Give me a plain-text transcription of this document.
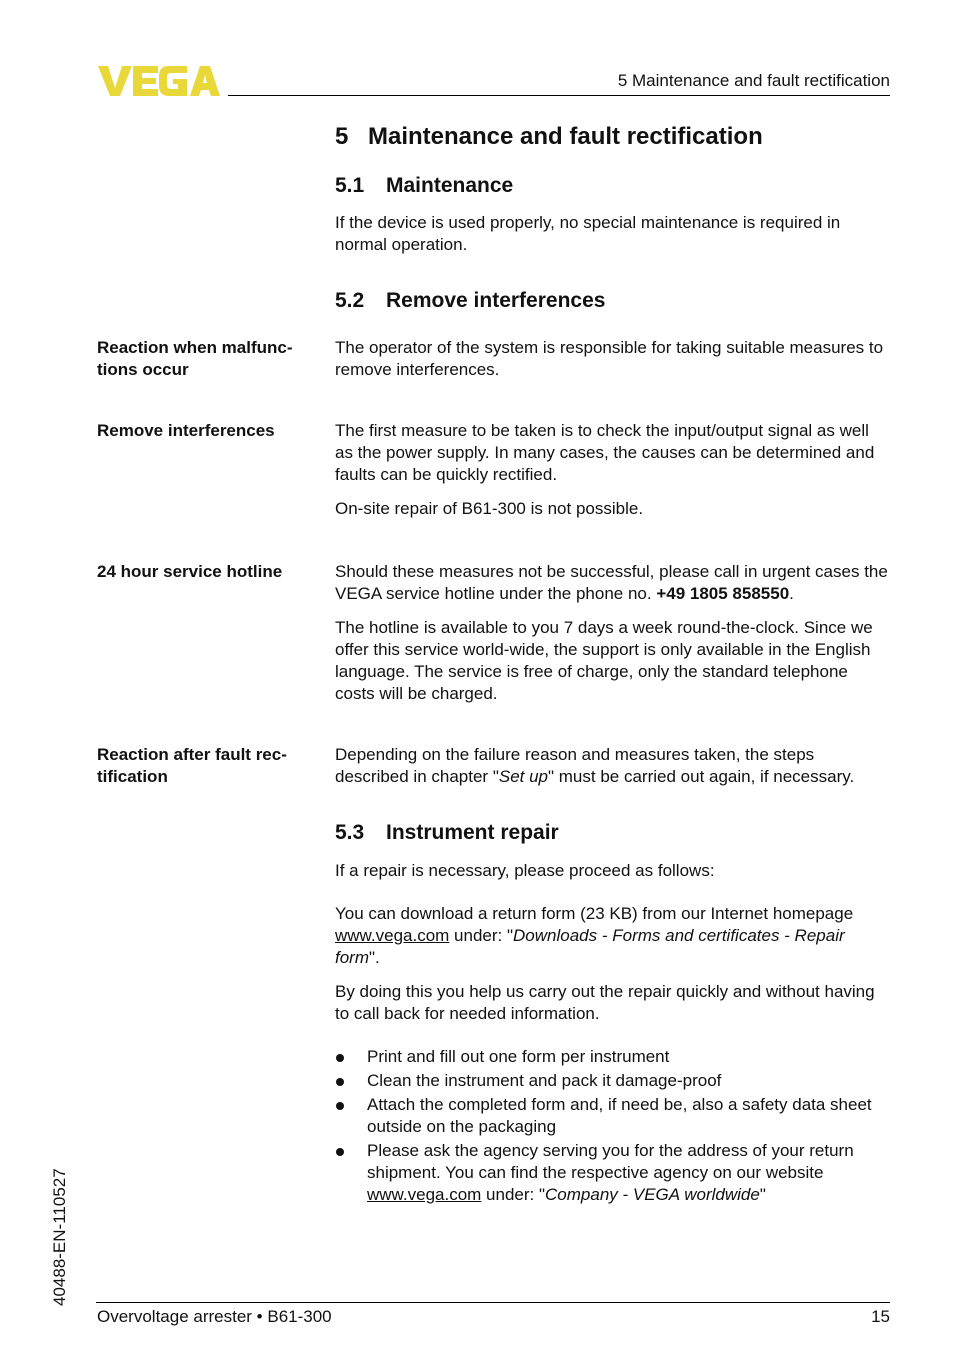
5 Maintenance and fault rectification
5 Maintenance and fault rectification
5.1 Maintenance

If the device is used properly, no special maintenance is required in normal operation.

5.2 Remove interferences

Reaction when malfunc-tions occur

The operator of the system is responsible for taking suitable measures to remove interferences.

Remove interferences	The first measure to be taken is to check the input/output signal as well as the power supply. In many cases, the causes can be determined and faults can be quickly rectified.

On-site repair of B61-300 is not possible.

24 hour service hotline	Should these measures not be successful, please call in urgent cases the VEGA service hotline under the phone no. +49 1805 858550.

The hotline is available to you 7 days a week round-the-clock. Since we offer this service world-wide, the support is only available in the English language. The service is free of charge, only the standard telephone costs will be charged.

Reaction after fault rec-tification

Depending on the failure reason and measures taken, the steps described in chapter "Set up" must be carried out again, if necessary.

5.3 Instrument repair

If a repair is necessary, please proceed as follows:

You can download a return form (23 KB) from our Internet homepage www.vega.com under: "Downloads - Forms and certificates - Repair form".

By doing this you help us carry out the repair quickly and without having to call back for needed information.

Print and fill out one form per instrument
Clean the instrument and pack it damage-proof
Attach the completed form and, if need be, also a safety data sheet outside on the packaging
Please ask the agency serving you for the address of your return shipment. You can find the respective agency on our website www.vega.com under: "Company - VEGA worldwide"
40488-EN-110527
Overvoltage arrester • B61-300	15
